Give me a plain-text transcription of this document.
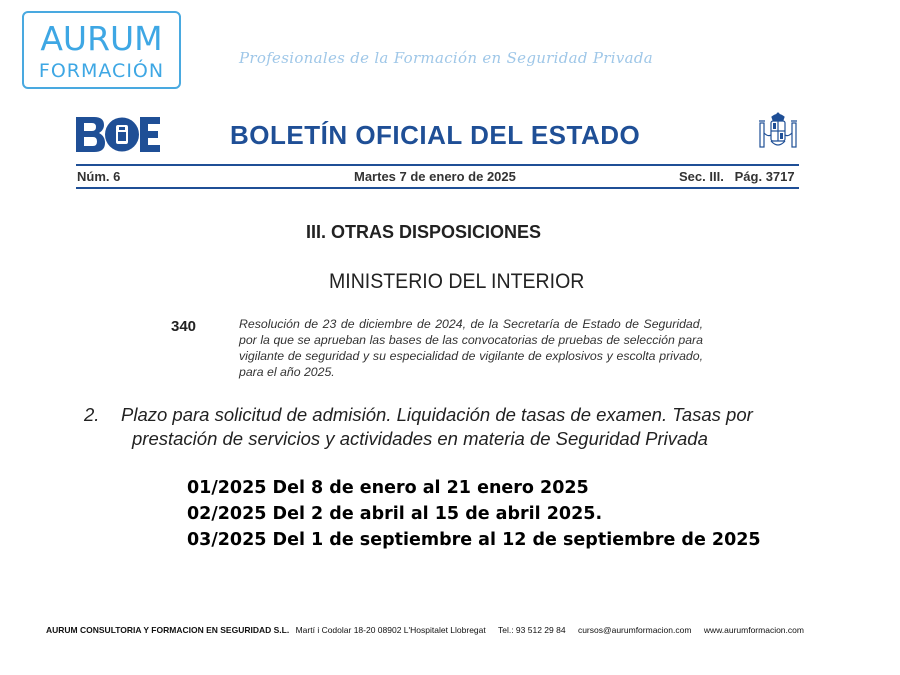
AURUM
FORMACIÓN
Profesionales de la Formación en Seguridad Privada
BOLETÍN OFICIAL DEL ESTADO
Núm. 6	Martes 7 de enero de 2025	Sec. III.   Pág. 3717
III. OTRAS DISPOSICIONES
MINISTERIO DEL INTERIOR
340	Resolución de 23 de diciembre de 2024, de la Secretaría de Estado de Seguridad, por la que se aprueban las bases de las convocatorias de pruebas de selección para vigilante de seguridad y su especialidad de vigilante de explosivos y escolta privado, para el año 2025.
2. Plazo para solicitud de admisión. Liquidación de tasas de examen. Tasas por
prestación de servicios y actividades en materia de Seguridad Privada
01/2025 Del 8 de enero al 21 enero 2025
02/2025 Del 2 de abril al 15 de abril 2025.
03/2025 Del 1 de septiembre al 12 de septiembre de 2025
AURUM CONSULTORIA Y FORMACION EN SEGURIDAD S.L. Martí i Codolar 18-20 08902 L'Hospitalet Llobregat Tel.: 93 512 29 84 cursos@aurumformacion.com www.aurumformacion.com
